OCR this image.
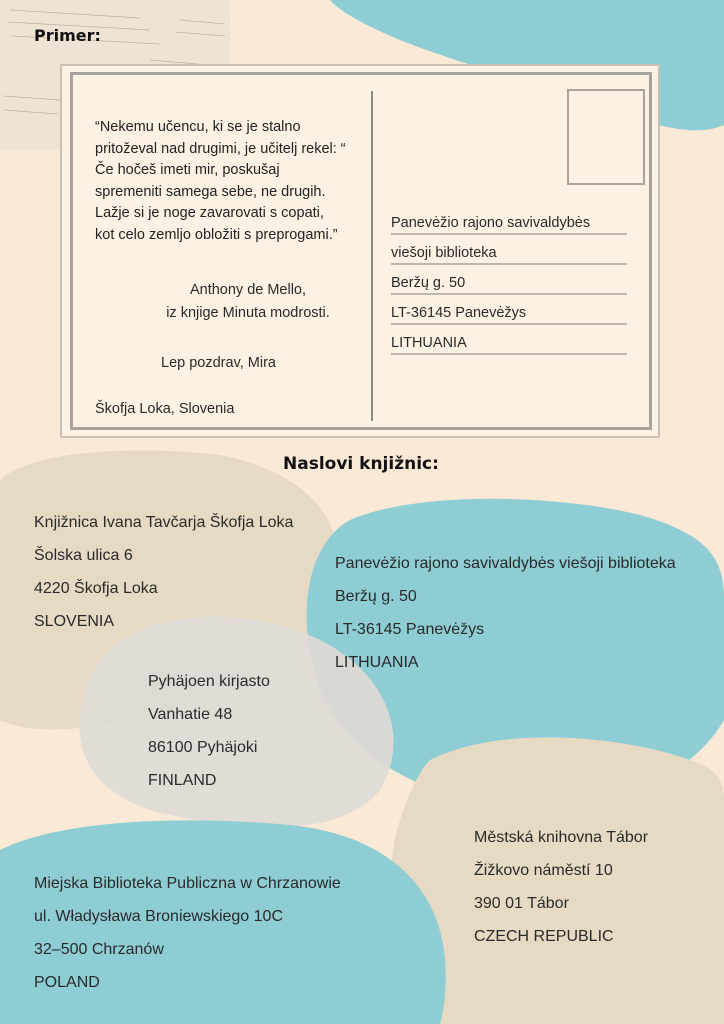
Primer:
“Nekemu učencu, ki se je stalno pritoževal nad drugimi, je učitelj rekel: “ Če hočeš imeti mir, poskušaj spremeniti samega sebe, ne drugih. Lažje si je noge zavarovati s copati, kot celo zemljo obložiti s preprogami.”
Anthony de Mello,
iz knjige Minuta modrosti.
Lep pozdrav, Mira
Škofja Loka, Slovenia
Panevėžio rajono savivaldybės
viešoji biblioteka
Beržų g. 50
LT-36145 Panevėžys
LITHUANIA
Naslovi knjižnic:
Knjižnica Ivana Tavčarja Škofja Loka
Šolska ulica 6
4220 Škofja Loka
SLOVENIA
Panevėžio rajono savivaldybės viešoji biblioteka
Beržų g. 50
LT-36145 Panevėžys
LITHUANIA
Pyhäjoen kirjasto
Vanhatie 48
86100 Pyhäjoki
FINLAND
Městská knihovna Tábor
Žižkovo náměstí 10
390 01 Tábor
CZECH REPUBLIC
Miejska Biblioteka Publiczna w Chrzanowie
ul. Władysława Broniewskiego 10C
32–500 Chrzanów
POLAND
